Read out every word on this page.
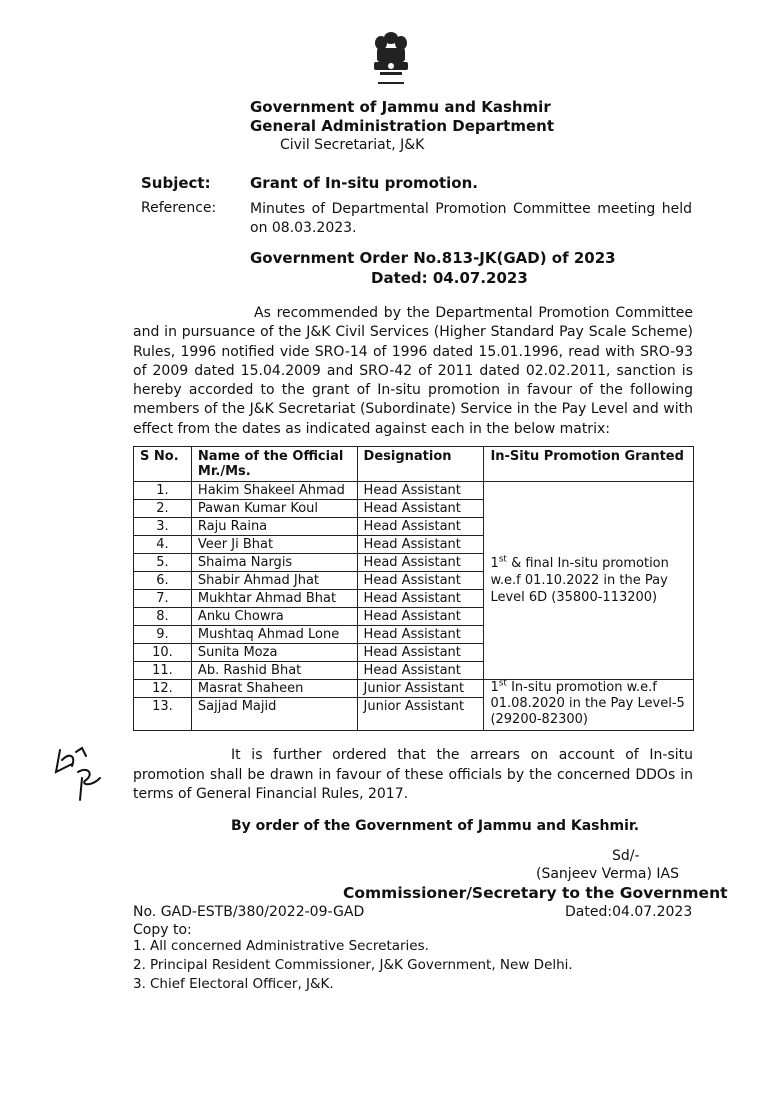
Government of Jammu and Kashmir
General Administration Department
Civil Secretariat, J&K
Subject:	Grant of In-situ promotion.
Reference: Minutes of Departmental Promotion Committee meeting held on 08.03.2023.
Government Order No.813-JK(GAD) of 2023
Dated: 04.07.2023
As recommended by the Departmental Promotion Committee and in pursuance of the J&K Civil Services (Higher Standard Pay Scale Scheme) Rules, 1996 notified vide SRO-14 of 1996 dated 15.01.1996, read with SRO-93 of 2009 dated 15.04.2009 and SRO-42 of 2011 dated 02.02.2011, sanction is hereby accorded to the grant of In-situ promotion in favour of the following members of the J&K Secretariat (Subordinate) Service in the Pay Level and with effect from the dates as indicated against each in the below matrix:
S No.	Name of the Official Mr./Ms.	Designation	In-Situ Promotion Granted
1.	Hakim Shakeel Ahmad	Head Assistant	1st & final In-situ promotion w.e.f 01.10.2022 in the Pay Level 6D (35800-113200)
2.	Pawan Kumar Koul	Head Assistant	
3.	Raju Raina	Head Assistant	
4.	Veer Ji Bhat	Head Assistant	
5.	Shaima Nargis	Head Assistant	
6.	Shabir Ahmad Jhat	Head Assistant	
7.	Mukhtar Ahmad Bhat	Head Assistant	
8.	Anku Chowra	Head Assistant	
9.	Mushtaq Ahmad Lone	Head Assistant	
10.	Sunita Moza	Head Assistant	
11.	Ab. Rashid Bhat	Head Assistant	
12.	Masrat Shaheen	Junior Assistant	1st In-situ promotion w.e.f 01.08.2020 in the Pay Level-5 (29200-82300)
13.	Sajjad Majid	Junior Assistant	
It is further ordered that the arrears on account of In-situ promotion shall be drawn in favour of these officials by the concerned DDOs in terms of General Financial Rules, 2017.
By order of the Government of Jammu and Kashmir.
Sd/-
(Sanjeev Verma) IAS
Commissioner/Secretary to the Government
No. GAD-ESTB/380/2022-09-GAD	Dated:04.07.2023
Copy to:
1. All concerned Administrative Secretaries.
2. Principal Resident Commissioner, J&K Government, New Delhi.
3. Chief Electoral Officer, J&K.
